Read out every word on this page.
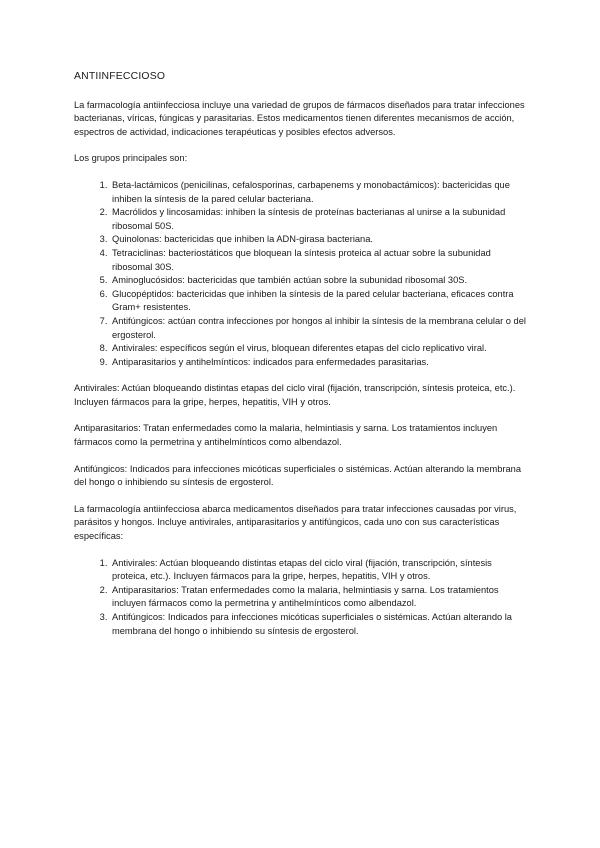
ANTIINFECCIOSO

La farmacología antiinfecciosa incluye una variedad de grupos de fármacos diseñados para tratar infecciones bacterianas, víricas, fúngicas y parasitarias. Estos medicamentos tienen diferentes mecanismos de acción, espectros de actividad, indicaciones terapéuticas y posibles efectos adversos.

Los grupos principales son:

1. Beta-lactámicos (penicilinas, cefalosporinas, carbapenems y monobactámicos): bactericidas que inhiben la síntesis de la pared celular bacteriana.
2. Macrólidos y lincosamidas: inhiben la síntesis de proteínas bacterianas al unirse a la subunidad ribosomal 50S.
3. Quinolonas: bactericidas que inhiben la ADN-girasa bacteriana.
4. Tetraciclinas: bacteriostáticos que bloquean la síntesis proteica al actuar sobre la subunidad ribosomal 30S.
5. Aminoglucósidos: bactericidas que también actúan sobre la subunidad ribosomal 30S.
6. Glucopéptidos: bactericidas que inhiben la síntesis de la pared celular bacteriana, eficaces contra Gram+ resistentes.
7. Antifúngicos: actúan contra infecciones por hongos al inhibir la síntesis de la membrana celular o del ergosterol.
8. Antivirales: específicos según el virus, bloquean diferentes etapas del ciclo replicativo viral.
9. Antiparasitarios y antihelmínticos: indicados para enfermedades parasitarias.

Antivirales: Actúan bloqueando distintas etapas del ciclo viral (fijación, transcripción, síntesis proteica, etc.). Incluyen fármacos para la gripe, herpes, hepatitis, VIH y otros.

Antiparasitarios: Tratan enfermedades como la malaria, helmintiasis y sarna. Los tratamientos incluyen fármacos como la permetrina y antihelmínticos como albendazol.

Antifúngicos: Indicados para infecciones micóticas superficiales o sistémicas. Actúan alterando la membrana del hongo o inhibiendo su síntesis de ergosterol.

La farmacología antiinfecciosa abarca medicamentos diseñados para tratar infecciones causadas por virus, parásitos y hongos. Incluye antivirales, antiparasitarios y antifúngicos, cada uno con sus características específicas:

1. Antivirales: Actúan bloqueando distintas etapas del ciclo viral (fijación, transcripción, síntesis proteica, etc.). Incluyen fármacos para la gripe, herpes, hepatitis, VIH y otros.
2. Antiparasitarios: Tratan enfermedades como la malaria, helmintiasis y sarna. Los tratamientos incluyen fármacos como la permetrina y antihelmínticos como albendazol.
3. Antifúngicos: Indicados para infecciones micóticas superficiales o sistémicas. Actúan alterando la membrana del hongo o inhibiendo su síntesis de ergosterol.
